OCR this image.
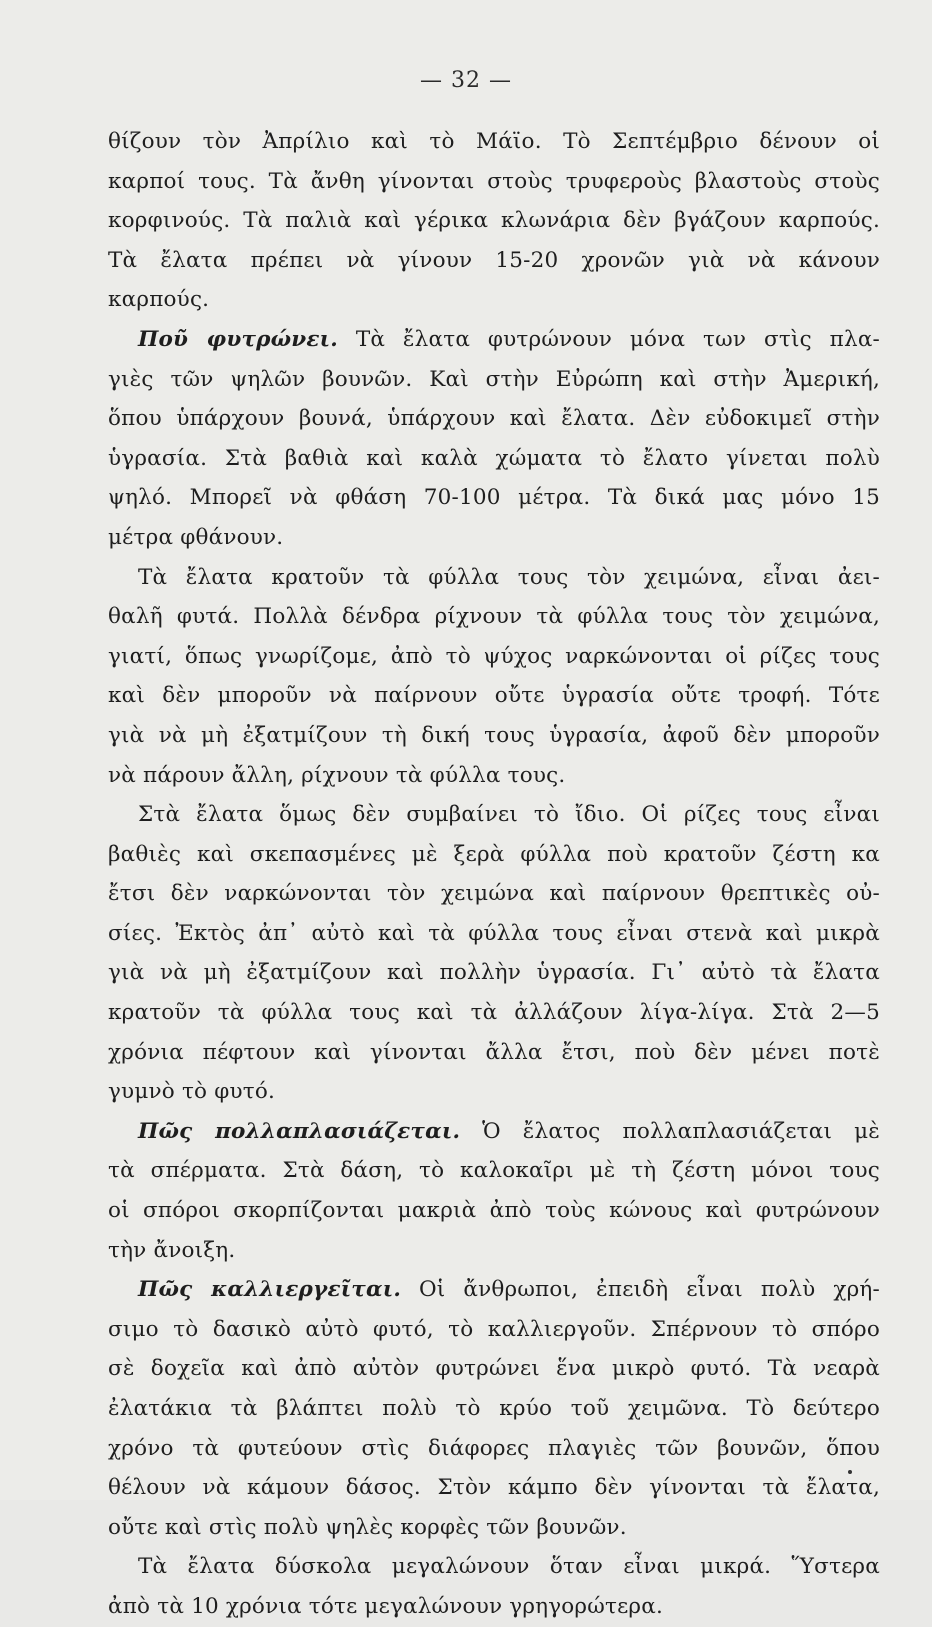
— 32 —
θίζουν τὸν Ἀπρίλιο καὶ τὸ Μάϊο. Τὸ Σεπτέμβριο δένουν οἱ
καρποί τους. Τὰ ἄνθη γίνονται στοὺς τρυφεροὺς βλαστοὺς στοὺς
κορφινούς. Τὰ παλιὰ καὶ γέρικα κλωνάρια δὲν βγάζουν καρπούς.
Τὰ ἔλατα πρέπει νὰ γίνουν 15-20 χρονῶν γιὰ νὰ κάνουν
καρπούς.
Ποῦ φυτρώνει. Τὰ ἔλατα φυτρώνουν μόνα των στὶς πλα-
γιὲς τῶν ψηλῶν βουνῶν. Καὶ στὴν Εὐρώπη καὶ στὴν Ἀμερική,
ὅπου ὑπάρχουν βουνά, ὑπάρχουν καὶ ἔλατα. Δὲν εὐδοκιμεῖ στὴν
ὑγρασία. Στὰ βαθιὰ καὶ καλὰ χώματα τὸ ἔλατο γίνεται πολὺ
ψηλό. Μπορεῖ νὰ φθάση 70-100 μέτρα. Τὰ δικά μας μόνο 15
μέτρα φθάνουν.
Τὰ ἔλατα κρατοῦν τὰ φύλλα τους τὸν χειμώνα, εἶναι ἀει-
θαλῆ φυτά. Πολλὰ δένδρα ρίχνουν τὰ φύλλα τους τὸν χειμώνα,
γιατί, ὅπως γνωρίζομε, ἀπὸ τὸ ψύχος ναρκώνονται οἱ ρίζες τους
καὶ δὲν μποροῦν νὰ παίρνουν οὔτε ὑγρασία οὔτε τροφή. Τότε
γιὰ νὰ μὴ ἐξατμίζουν τὴ δική τους ὑγρασία, ἀφοῦ δὲν μποροῦν
νὰ πάρουν ἄλλη, ρίχνουν τὰ φύλλα τους.
Στὰ ἔλατα ὅμως δὲν συμβαίνει τὸ ἴδιο. Οἱ ρίζες τους εἶναι
βαθιὲς καὶ σκεπασμένες μὲ ξερὰ φύλλα ποὺ κρατοῦν ζέστη κα
ἔτσι δὲν ναρκώνονται τὸν χειμώνα καὶ παίρνουν θρεπτικὲς οὐ-
σίες. Ἐκτὸς ἀπ᾽ αὐτὸ καὶ τὰ φύλλα τους εἶναι στενὰ καὶ μικρὰ
γιὰ νὰ μὴ ἐξατμίζουν καὶ πολλὴν ὑγρασία. Γι᾽ αὐτὸ τὰ ἔλατα
κρατοῦν τὰ φύλλα τους καὶ τὰ ἀλλάζουν λίγα-λίγα. Στὰ 2—5
χρόνια πέφτουν καὶ γίνονται ἄλλα ἔτσι, ποὺ δὲν μένει ποτὲ
γυμνὸ τὸ φυτό.
Πῶς πολλαπλασιάζεται. Ὁ ἔλατος πολλαπλασιάζεται μὲ
τὰ σπέρματα. Στὰ δάση, τὸ καλοκαῖρι μὲ τὴ ζέστη μόνοι τους
οἱ σπόροι σκορπίζονται μακριὰ ἀπὸ τοὺς κώνους καὶ φυτρώνουν
τὴν ἄνοιξη.
Πῶς καλλιεργεῖται. Οἱ ἄνθρωποι, ἐπειδὴ εἶναι πολὺ χρή-
σιμο τὸ δασικὸ αὐτὸ φυτό, τὸ καλλιεργοῦν. Σπέρνουν τὸ σπόρο
σὲ δοχεῖα καὶ ἀπὸ αὐτὸν φυτρώνει ἕνα μικρὸ φυτό. Τὰ νεαρὰ
ἐλατάκια τὰ βλάπτει πολὺ τὸ κρύο τοῦ χειμῶνα. Τὸ δεύτερο
χρόνο τὰ φυτεύουν στὶς διάφορες πλαγιὲς τῶν βουνῶν, ὅπου
θέλουν νὰ κάμουν δάσος. Στὸν κάμπο δὲν γίνονται τὰ ἔλατα,
οὔτε καὶ στὶς πολὺ ψηλὲς κορφὲς τῶν βουνῶν.
Τὰ ἔλατα δύσκολα μεγαλώνουν ὅταν εἶναι μικρά. Ὕστερα
ἀπὸ τὰ 10 χρόνια τότε μεγαλώνουν γρηγορώτερα.
